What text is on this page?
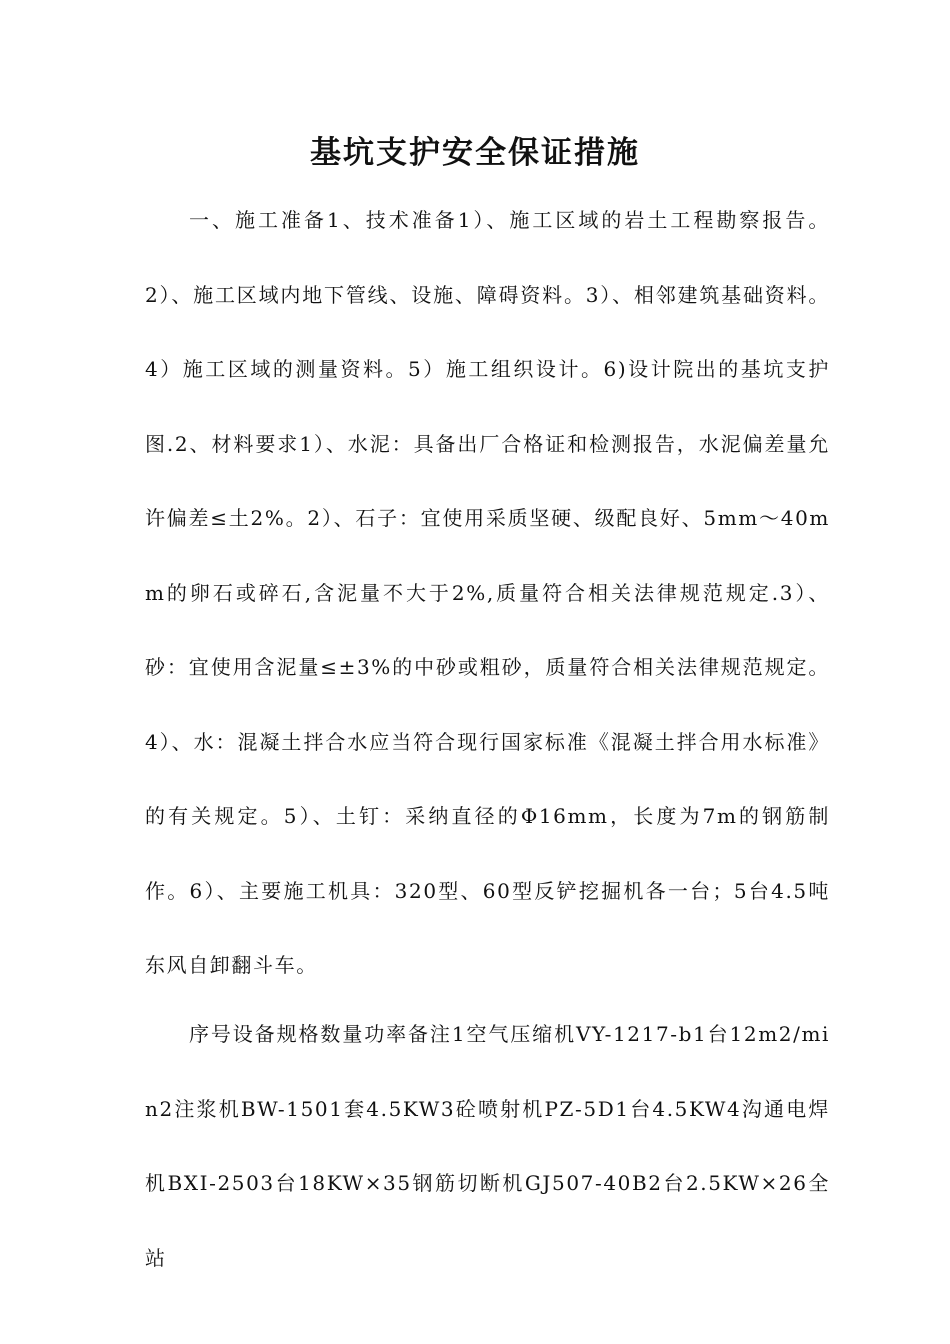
基坑支护安全保证措施

一、施工准备1、技术准备1）、施工区域的岩土工程勘察报告。2）、施工区域内地下管线、设施、障碍资料。3）、相邻建筑基础资料。4）施工区域的测量资料。5）施工组织设计。6)设计院出的基坑支护图.2、材料要求1）、水泥：具备出厂合格证和检测报告，水泥偏差量允许偏差≤土2%。2）、石子：宜使用采质坚硬、级配良好、5mm～40mm的卵石或碎石,含泥量不大于2%,质量符合相关法律规范规定.3）、砂：宜使用含泥量≤±3%的中砂或粗砂，质量符合相关法律规范规定。4）、水：混凝土拌合水应当符合现行国家标准《混凝土拌合用水标准》的有关规定。5）、土钉：采纳直径的Φ16mm，长度为7m的钢筋制作。6）、主要施工机具：320型、60型反铲挖掘机各一台；5台4.5吨东风自卸翻斗车。

序号设备规格数量功率备注1空气压缩机VY-1217-b1台12m2/min2注浆机BW-1501套4.5KW3砼喷射机PZ-5D1台4.5KW4沟通电焊机BXI-2503台18KW×35钢筋切断机GJ507-40B2台2.5KW×26全站
